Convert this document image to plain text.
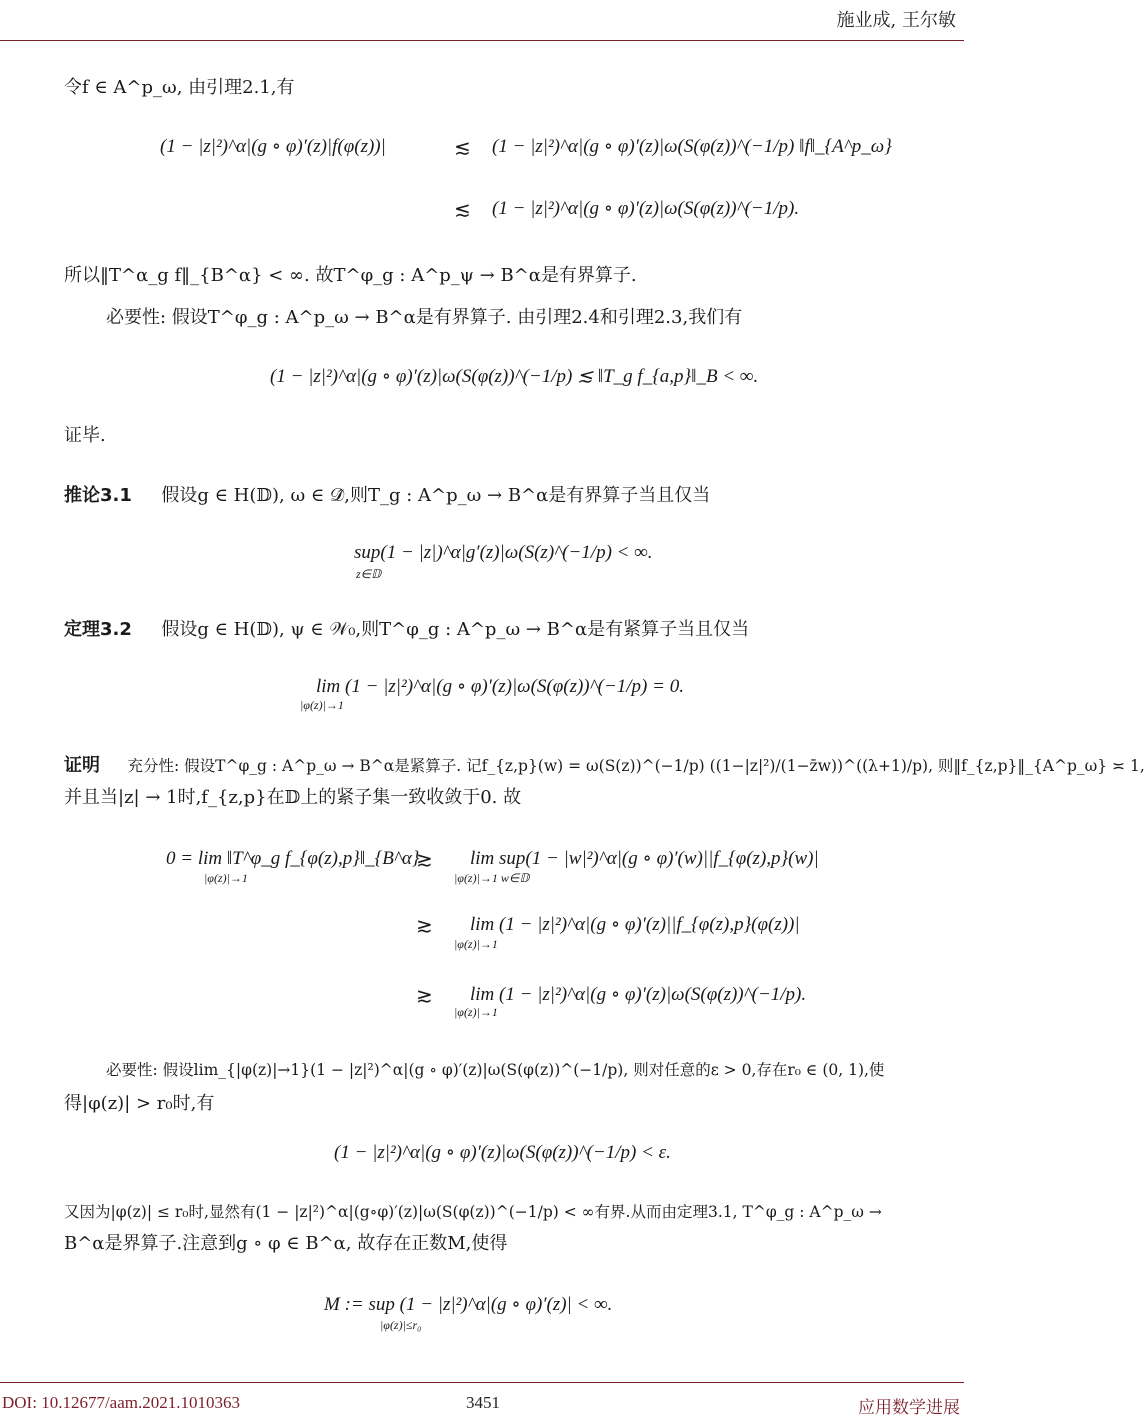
施业成, 王尔敏
令f ∈ A^p_ω, 由引理2.1,有
(1 − |z|²)^α|(g ∘ φ)′(z)|f(φ(z))|	≲ (1 − |z|²)^α|(g ∘ φ)′(z)|ω(S(φ(z))^(−1/p) ‖f‖_{A^p_ω}
≲ (1 − |z|²)^α|(g ∘ φ)′(z)|ω(S(φ(z))^(−1/p).
所以‖T^α_g f‖_{B^α} < ∞. 故T^φ_g : A^p_ψ → B^α是有界算子.
必要性: 假设T^φ_g : A^p_ω → B^α是有界算子. 由引理2.4和引理2.3,我们有
(1 − |z|²)^α|(g ∘ φ)′(z)|ω(S(φ(z))^(−1/p) ≲ ‖T_g f_{a,p}‖_B < ∞.
证毕.
推论3.1 假设g ∈ H(𝔻), ω ∈ 𝒟̂,则T_g : A^p_ω → B^α是有界算子当且仅当
sup(1 − |z|)^α|g′(z)|ω(S(z)^(−1/p) < ∞.
z∈𝔻
定理3.2 假设g ∈ H(𝔻), ψ ∈ 𝒲₀,则T^φ_g : A^p_ω → B^α是有紧算子当且仅当
lim (1 − |z|²)^α|(g ∘ φ)′(z)|ω(S(φ(z))^(−1/p) = 0.
|φ(z)|→1
证明 充分性: 假设T^φ_g : A^p_ω → B^α是紧算子. 记f_{z,p}(w) = ω(S(z))^(−1/p) ((1−|z|²)/(1−z̄w))^((λ+1)/p), 则‖f_{z,p}‖_{A^p_ω} ≍ 1,
并且当|z| → 1时,f_{z,p}在𝔻上的紧子集一致收敛于0. 故
0 = lim ‖T^φ_g f_{φ(z),p}‖_{B^α}
|φ(z)|→1
≳ lim sup(1 − |w|²)^α|(g ∘ φ)′(w)||f_{φ(z),p}(w)|
|φ(z)|→1 w∈𝔻
≳ lim (1 − |z|²)^α|(g ∘ φ)′(z)||f_{φ(z),p}(φ(z))|
|φ(z)|→1
≳ lim (1 − |z|²)^α|(g ∘ φ)′(z)|ω(S(φ(z))^(−1/p).
|φ(z)|→1
必要性: 假设lim_{|φ(z)|→1}(1 − |z|²)^α|(g ∘ φ)′(z)|ω(S(φ(z))^(−1/p), 则对任意的ε > 0,存在r₀ ∈ (0, 1),使
得|φ(z)| > r₀时,有
(1 − |z|²)^α|(g ∘ φ)′(z)|ω(S(φ(z))^(−1/p) < ε.
又因为|φ(z)| ≤ r₀时,显然有(1 − |z|²)^α|(g∘φ)′(z)|ω(S(φ(z))^(−1/p) < ∞有界.从而由定理3.1, T^φ_g : A^p_ω →
B^α是界算子.注意到g ∘ φ ∈ B^α, 故存在正数M,使得
M := sup (1 − |z|²)^α|(g ∘ φ)′(z)| < ∞.
|φ(z)|≤r₀
DOI: 10.12677/aam.2021.1010363	3451	应用数学进展
